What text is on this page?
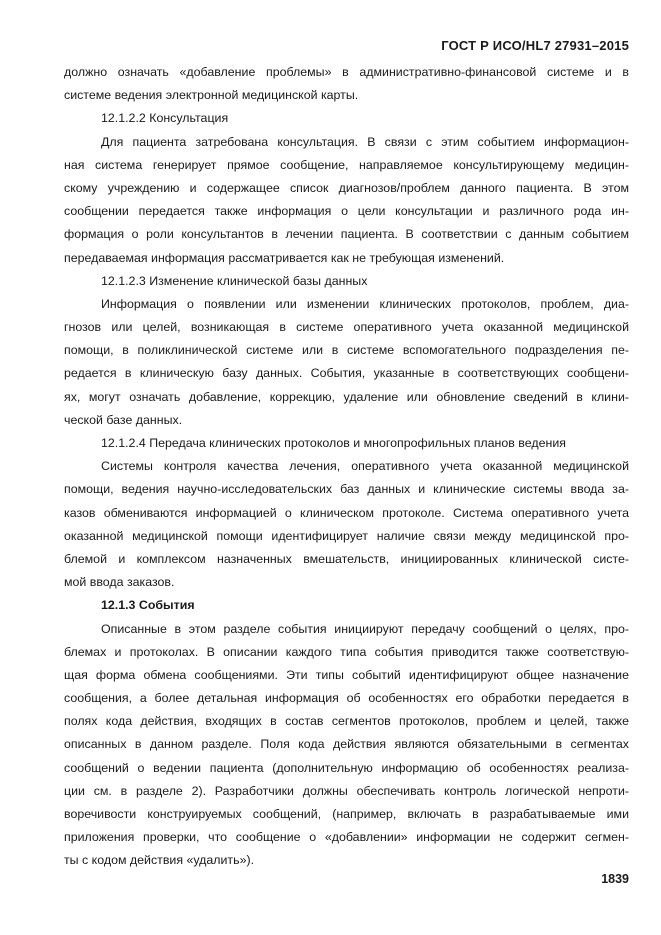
ГОСТ Р ИСО/HL7 27931–2015
должно означать «добавление проблемы» в административно-финансовой системе и в
системе ведения электронной медицинской карты.
12.1.2.2 Консультация
Для пациента затребована консультация. В связи с этим событием информацион-
ная система генерирует прямое сообщение, направляемое консультирующему медицин-
скому учреждению и содержащее список диагнозов/проблем данного пациента. В этом
сообщении передается также информация о цели консультации и различного рода ин-
формация о роли консультантов в лечении пациента. В соответствии с данным событием
передаваемая информация рассматривается как не требующая изменений.
12.1.2.3 Изменение клинической базы данных
Информация о появлении или изменении клинических протоколов, проблем, диа-
гнозов или целей, возникающая в системе оперативного учета оказанной медицинской
помощи, в поликлинической системе или в системе вспомогательного подразделения пе-
редается в клиническую базу данных. События, указанные в соответствующих сообщени-
ях, могут означать добавление, коррекцию, удаление или обновление сведений в клини-
ческой базе данных.
12.1.2.4 Передача клинических протоколов и многопрофильных планов ведения
Системы контроля качества лечения, оперативного учета оказанной медицинской
помощи, ведения научно-исследовательских баз данных и клинические системы ввода за-
казов обмениваются информацией о клиническом протоколе. Система оперативного учета
оказанной медицинской помощи идентифицирует наличие связи между медицинской про-
блемой и комплексом назначенных вмешательств, инициированных клинической систе-
мой ввода заказов.
12.1.3 События
Описанные в этом разделе события инициируют передачу сообщений о целях, про-
блемах и протоколах. В описании каждого типа события приводится также соответствую-
щая форма обмена сообщениями. Эти типы событий идентифицируют общее назначение
сообщения, а более детальная информация об особенностях его обработки передается в
полях кода действия, входящих в состав сегментов протоколов, проблем и целей, также
описанных в данном разделе. Поля кода действия являются обязательными в сегментах
сообщений о ведении пациента (дополнительную информацию об особенностях реализа-
ции см. в разделе 2). Разработчики должны обеспечивать контроль логической непроти-
воречивости конструируемых сообщений, (например, включать в разрабатываемые ими
приложения проверки, что сообщение о «добавлении» информации не содержит сегмен-
ты с кодом действия «удалить»).
1839
